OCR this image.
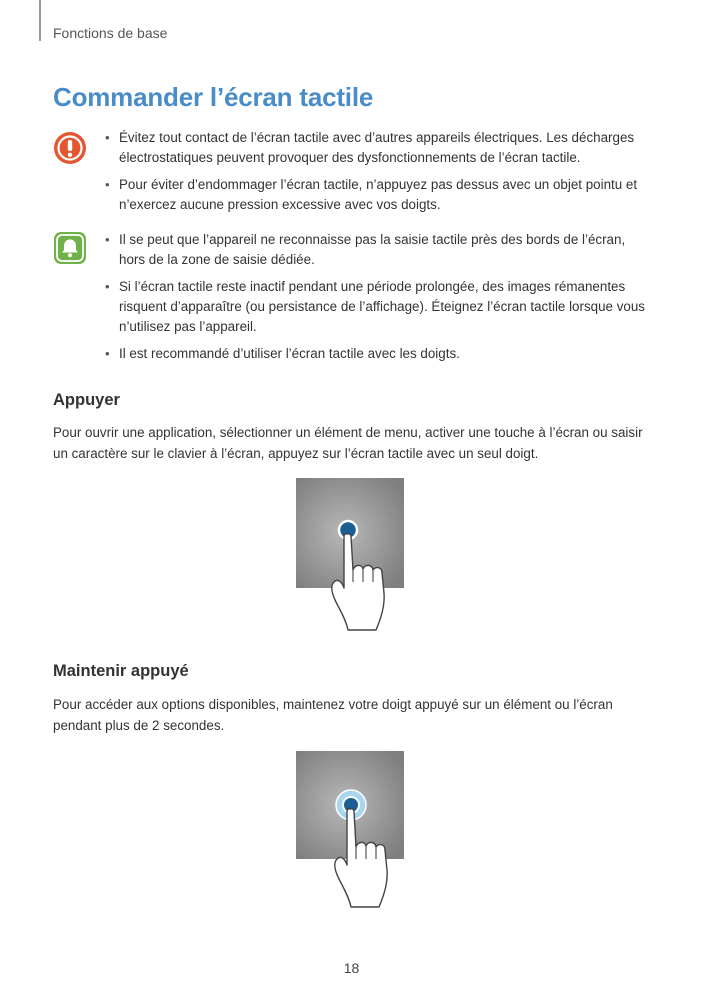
Fonctions de base
Commander l’écran tactile
• Évitez tout contact de l’écran tactile avec d’autres appareils électriques. Les décharges électrostatiques peuvent provoquer des dysfonctionnements de l’écran tactile.
• Pour éviter d’endommager l’écran tactile, n’appuyez pas dessus avec un objet pointu et n’exercez aucune pression excessive avec vos doigts.
• Il se peut que l’appareil ne reconnaisse pas la saisie tactile près des bords de l’écran, hors de la zone de saisie dédiée.
• Si l’écran tactile reste inactif pendant une période prolongée, des images rémanentes risquent d’apparaître (ou persistance de l’affichage). Éteignez l’écran tactile lorsque vous n’utilisez pas l’appareil.
• Il est recommandé d’utiliser l’écran tactile avec les doigts.
Appuyer
Pour ouvrir une application, sélectionner un élément de menu, activer une touche à l’écran ou saisir un caractère sur le clavier à l’écran, appuyez sur l’écran tactile avec un seul doigt.
Maintenir appuyé
Pour accéder aux options disponibles, maintenez votre doigt appuyé sur un élément ou l’écran pendant plus de 2 secondes.
18
